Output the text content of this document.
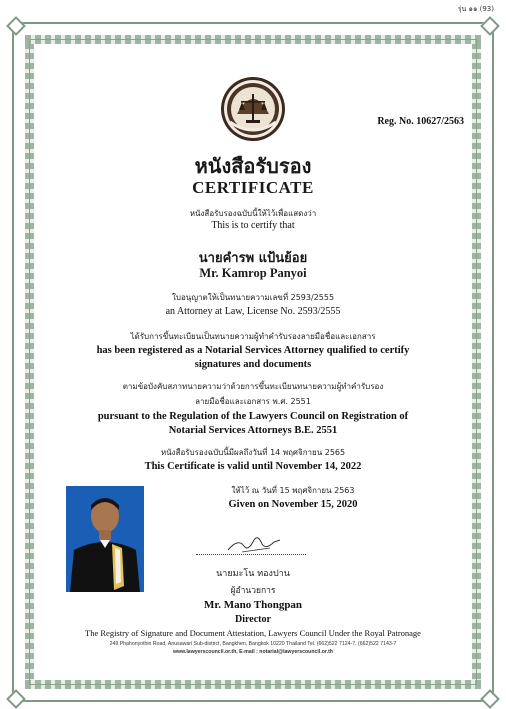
รุ่น ๑๑ (93)
Reg. No. 10627/2563
หนังสือรับรอง
CERTIFICATE
หนังสือรับรองฉบับนี้ให้ไว้เพื่อแสดงว่า
This is to certify that
นายคำรพ แป้นย้อย
Mr. Kamrop Panyoi
ใบอนุญาตให้เป็นทนายความเลขที่ 2593/2555
an Attorney at Law, License No. 2593/2555
ได้รับการขึ้นทะเบียนเป็นทนายความผู้ทำคำรับรองลายมือชื่อและเอกสาร
has been registered as a Notarial Services Attorney qualified to certify
signatures and documents
ตามข้อบังคับสภาทนายความว่าด้วยการขึ้นทะเบียนทนายความผู้ทำคำรับรอง
ลายมือชื่อและเอกสาร พ.ศ. 2551
pursuant to the Regulation of the Lawyers Council on Registration of
Notarial Services Attorneys B.E. 2551
หนังสือรับรองฉบับนี้มีผลถึงวันที่ 14 พฤศจิกายน 2565
This Certificate is valid until November 14, 2022
ให้ไว้ ณ วันที่ 15 พฤศจิกายน 2563
Given on November 15, 2020
นายมะโน ทองปาน
ผู้อำนวยการ
Mr. Mano Thongpan
Director
The Registry of Signature and Document Attestation, Lawyers Council Under the Royal Patronage
249 Phahonyothin Road, Anusawari Sub-district, Bangkhen, Bangkok 10220 Thailand Tel. (662)522 7124-7, (662)522 7143-7
www.lawyerscouncil.or.th, E-mail : notarial@lawyerscouncil.or.th
